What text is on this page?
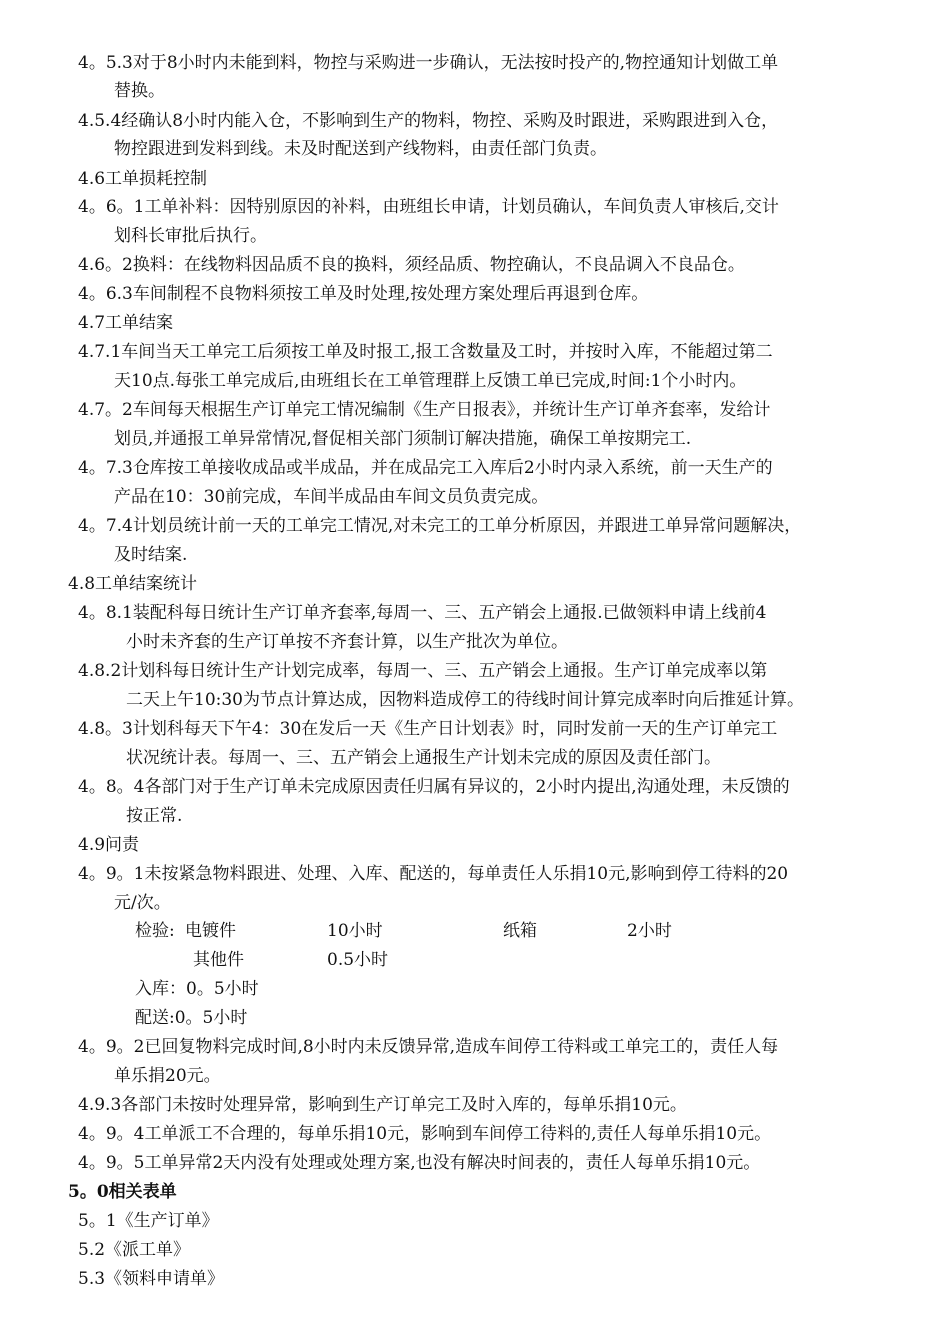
4。5.3对于8小时内未能到料，物控与采购进一步确认，无法按时投产的,物控通知计划做工单
替换。
4.5.4经确认8小时内能入仓，不影响到生产的物料，物控、采购及时跟进，采购跟进到入仓，
物控跟进到发料到线。未及时配送到产线物料，由责任部门负责。
4.6工单损耗控制
4。6。1工单补料：因特别原因的补料，由班组长申请，计划员确认，车间负责人审核后,交计
划科长审批后执行。
4.6。2换料：在线物料因品质不良的换料，须经品质、物控确认，不良品调入不良品仓。
4。6.3车间制程不良物料须按工单及时处理,按处理方案处理后再退到仓库。
4.7工单结案
4.7.1车间当天工单完工后须按工单及时报工,报工含数量及工时，并按时入库，不能超过第二
天10点.每张工单完成后,由班组长在工单管理群上反馈工单已完成,时间:1个小时内。
4.7。2车间每天根据生产订单完工情况编制《生产日报表》，并统计生产订单齐套率，发给计
划员,并通报工单异常情况,督促相关部门须制订解决措施，确保工单按期完工.
4。7.3仓库按工单接收成品或半成品，并在成品完工入库后2小时内录入系统，前一天生产的
产品在10：30前完成，车间半成品由车间文员负责完成。
4。7.4计划员统计前一天的工单完工情况,对未完工的工单分析原因，并跟进工单异常问题解决，
及时结案.
4.8工单结案统计
4。8.1装配科每日统计生产订单齐套率,每周一、三、五产销会上通报.已做领料申请上线前4
小时未齐套的生产订单按不齐套计算，以生产批次为单位。
4.8.2计划科每日统计生产计划完成率，每周一、三、五产销会上通报。生产订单完成率以第
二天上午10:30为节点计算达成，因物料造成停工的待线时间计算完成率时向后推延计算。
4.8。3计划科每天下午4：30在发后一天《生产日计划表》时，同时发前一天的生产订单完工
状况统计表。每周一、三、五产销会上通报生产计划未完成的原因及责任部门。
4。8。4各部门对于生产订单未完成原因责任归属有异议的，2小时内提出,沟通处理，未反馈的
按正常.
4.9问责
4。9。1未按紧急物料跟进、处理、入库、配送的，每单责任人乐捐10元,影响到停工待料的20
元/次。
检验: 电镀件	10小时	纸箱	2小时
其他件	0.5小时
入库：0。5小时
配送:0。5小时
4。9。2已回复物料完成时间,8小时内未反馈异常,造成车间停工待料或工单完工的，责任人每
单乐捐20元。
4.9.3各部门未按时处理异常，影响到生产订单完工及时入库的，每单乐捐10元。
4。9。4工单派工不合理的，每单乐捐10元，影响到车间停工待料的,责任人每单乐捐10元。
4。9。5工单异常2天内没有处理或处理方案,也没有解决时间表的，责任人每单乐捐10元。
5。0相关表单
5。1《生产订单》
5.2《派工单》
5.3《领料申请单》
